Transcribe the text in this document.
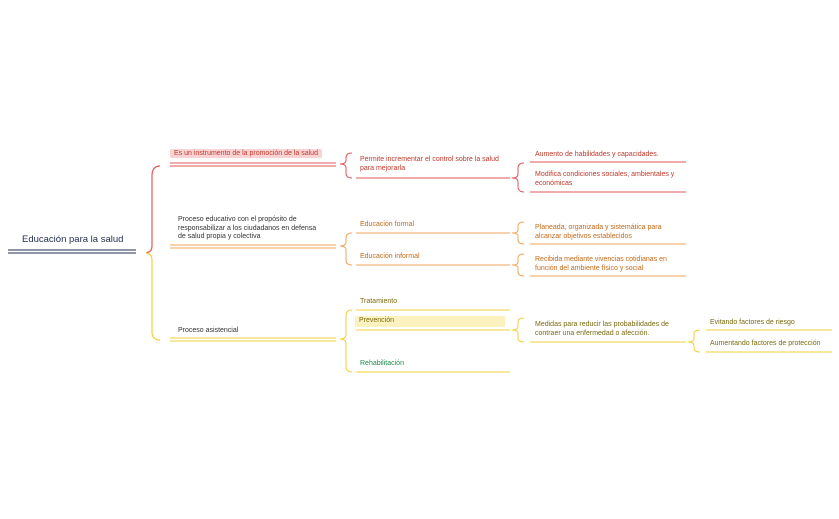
Educación para la salud
Es un instrumento de la promoción de la salud
Permite incrementar el control sobre la salud
para mejorarla
Aumento de habilidades y capacidades.
Modifica condiciones sociales, ambientales y
económicas
Proceso educativo con el propósito de
responsabilizar a los ciudadanos en defensa
de salud propia y colectiva
Educación formal	Planeada, organizada y sistemática para
alcanzar objetivos establecidos
Educación informal	Recibida mediante vivencias cotidianas en
función del ambiente físico y social
Proceso asistencial
Tratamiento
Prevención
Medidas para reducir las probabilidades de
contraer una enfermedad o afección.
Evitando factores de riesgo
Aumentando factores de protección
Rehabilitación
